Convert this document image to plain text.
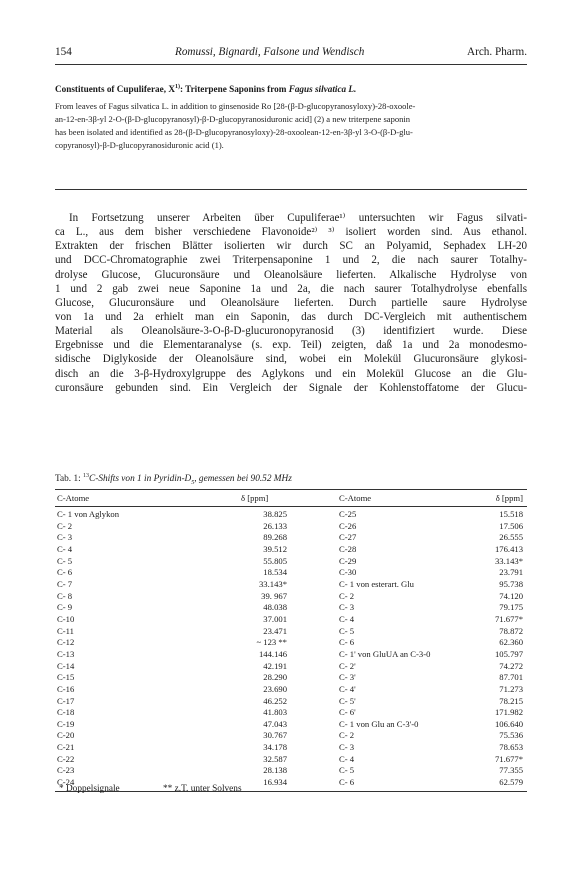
154	Romussi, Bignardi, Falsone und Wendisch	Arch. Pharm.
Constituents of Cupuliferae, $X^{1)}$: Triterpene Saponins from Fagus silvatica L.
From leaves of Fagus silvatica L. in addition to ginsenoside Ro [28-(β-D-glucopyranosyloxy)-28-oxoole-
an-12-en-3β-yl 2-O-(β-D-glucopyranosyl)-β-D-glucopyranosiduronic acid] (2) a new triterpene saponin
has been isolated and identified as 28-(β-D-glucopyranosyloxy)-28-oxoolean-12-en-3β-yl 3-O-(β-D-glu-
copyranosyl)-β-D-glucopyranosiduronic acid (1).
In Fortsetzung unserer Arbeiten über Cupuliferae¹⁾ untersuchten wir Fagus silvati-
ca L., aus dem bisher verschiedene Flavonoide²⁾ ³⁾ isoliert worden sind. Aus ethanol.
Extrakten der frischen Blätter isolierten wir durch SC an Polyamid, Sephadex LH-20
und DCC-Chromatographie zwei Triterpensaponine 1 und 2, die nach saurer Totalhy-
drolyse Glucose, Glucuronsäure und Oleanolsäure lieferten. Alkalische Hydrolyse von
1 und 2 gab zwei neue Saponine 1a und 2a, die nach saurer Totalhydrolyse ebenfalls
Glucose, Glucuronsäure und Oleanolsäure lieferten. Durch partielle saure Hydrolyse
von 1a und 2a erhielt man ein Saponin, das durch DC-Vergleich mit authentischem
Material als Oleanolsäure-3-O-β-D-glucuronopyranosid (3) identifiziert wurde. Diese
Ergebnisse und die Elementaranalyse (s. exp. Teil) zeigten, daß 1a und 2a monodesmo-
sidische Diglykoside der Oleanolsäure sind, wobei ein Molekül Glucuronsäure glykosi-
disch an die 3-β-Hydroxylgruppe des Aglykons und ein Molekül Glucose an die Glu-
curonsäure gebunden sind. Ein Vergleich der Signale der Kohlenstoffatome der Glucu-
Tab. 1: $^{13}$C-Shifts von 1 in Pyridin-$D_5$, gemessen bei 90.52 MHz
C-Atome	δ [ppm]	C-Atome	δ [ppm]
C- 1 von Aglykon	38.825	C-25	15.518
C- 2	26.133	C-26	17.506
C- 3	89.268	C-27	26.555
C- 4	39.512	C-28	176.413
C- 5	55.805	C-29	33.143*
C- 6	18.534	C-30	23.791
C- 7	33.143*	C- 1 von esterart. Glu	95.738
C- 8	39. 967	C- 2	74.120
C- 9	48.038	C- 3	79.175
C-10	37.001	C- 4	71.677*
C-11	23.471	C- 5	78.872
C-12	~ 123 **	C- 6	62.360
C-13	144.146	C- 1' von GluUA an C-3-0	105.797
C-14	42.191	C- 2'	74.272
C-15	28.290	C- 3'	87.701
C-16	23.690	C- 4'	71.273
C-17	46.252	C- 5'	78.215
C-18	41.803	C- 6'	171.982
C-19	47.043	C- 1 von Glu an C-3'-0	106.640
C-20	30.767	C- 2	75.536
C-21	34.178	C- 3	78.653
C-22	32.587	C- 4	71.677*
C-23	28.138	C- 5	77.355
C-24	16.934	C- 6	62.579
* Doppelsignale	** z.T. unter Solvens
